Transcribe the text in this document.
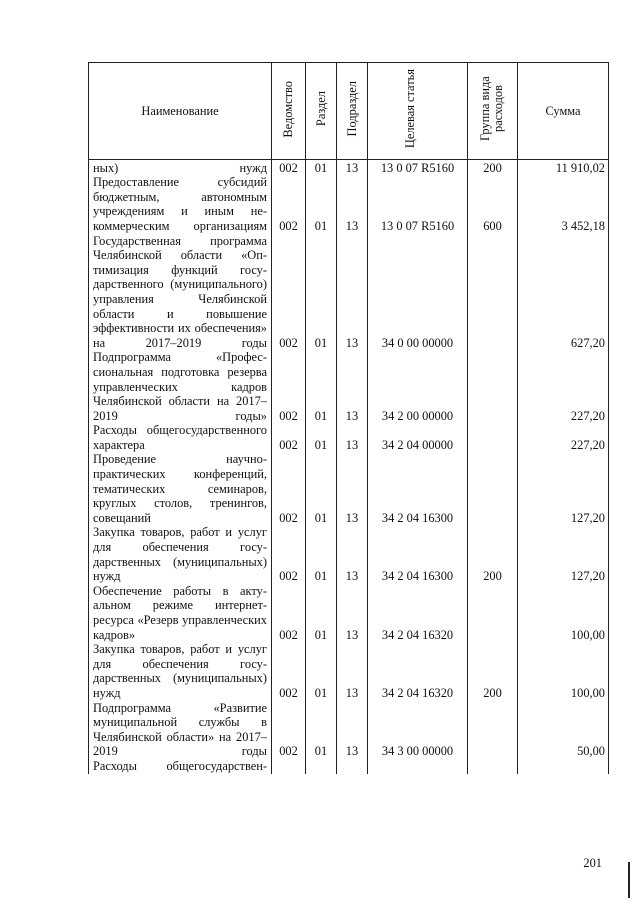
Наименование	Ведомство	Раздел	Подраздел	Целевая статья	Группа вида расходов	Сумма
ных) нужд	002	01	13	13 0 07 R5160	200	11 910,02
Предоставление субсидий бюджетным, автономным учреждениям и иным некоммерческим организациям	002	01	13	13 0 07 R5160	600	3 452,18
Государственная программа Челябинской области «Оптимизация функций государственного (муниципального) управления Челябинской области и повышение эффективности их обеспечения» на 2017–2019 годы	002	01	13	34 0 00 00000		627,20
Подпрограмма «Профессиональная подготовка резерва управленческих кадров Челябинской области на 2017–2019 годы»	002	01	13	34 2 00 00000		227,20
Расходы общегосударственного характера	002	01	13	34 2 04 00000		227,20
Проведение научно-практических конференций, тематических семинаров, круглых столов, тренингов, совещаний	002	01	13	34 2 04 16300		127,20
Закупка товаров, работ и услуг для обеспечения государственных (муниципальных) нужд	002	01	13	34 2 04 16300	200	127,20
Обеспечение работы в актуальном режиме интернет-ресурса «Резерв управленческих кадров»	002	01	13	34 2 04 16320		100,00
Закупка товаров, работ и услуг для обеспечения государственных (муниципальных) нужд	002	01	13	34 2 04 16320	200	100,00
Подпрограмма «Развитие муниципальной службы в Челябинской области» на 2017–2019 годы	002	01	13	34 3 00 00000		50,00
Расходы общегосударствен-						
201
